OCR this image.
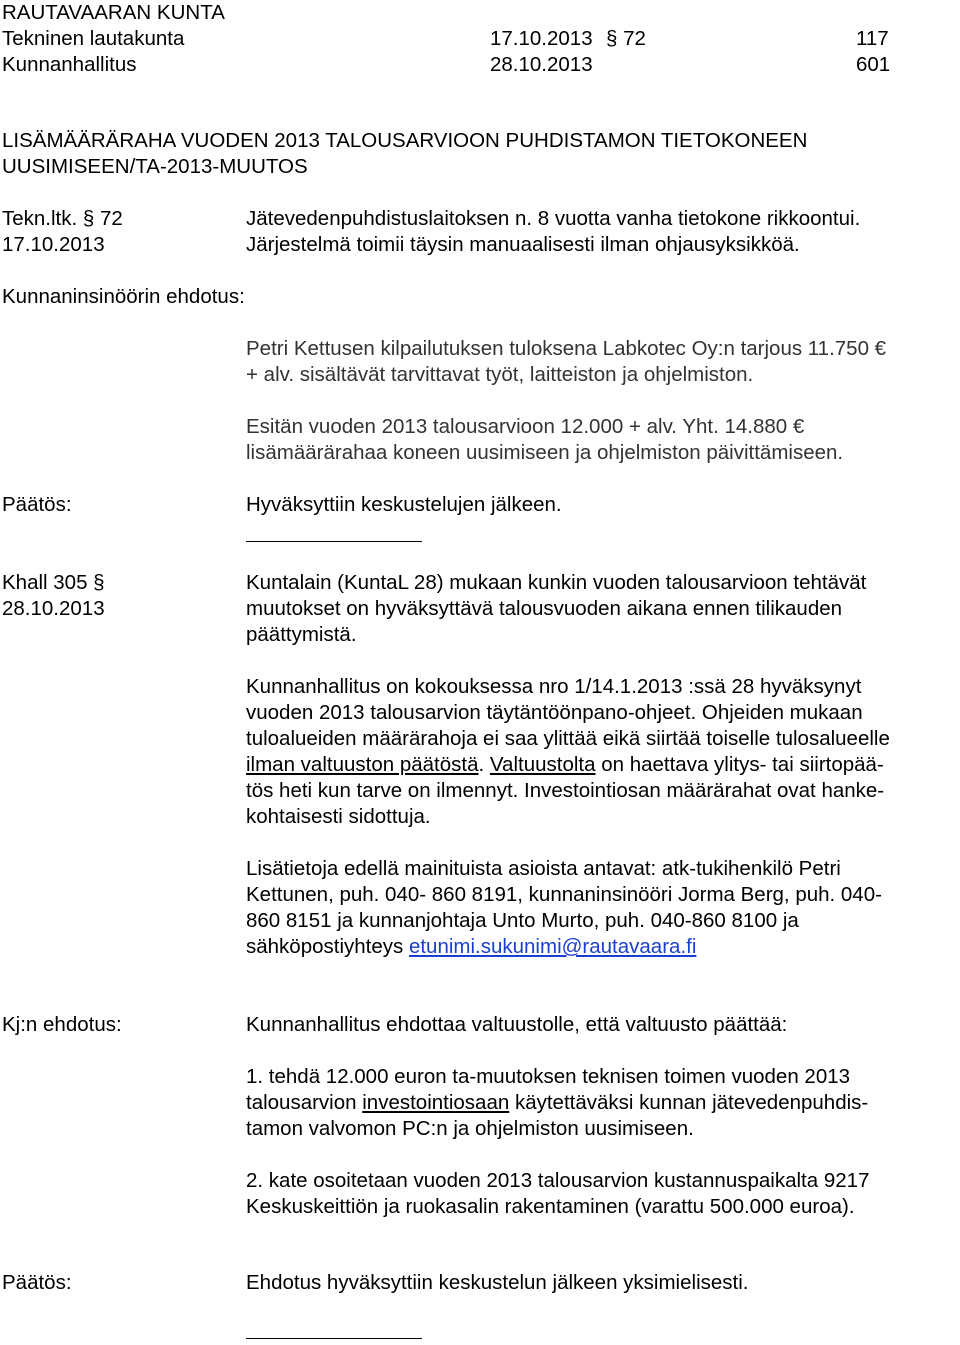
RAUTAVAARAN KUNTA
Tekninen lautakunta	17.10.2013 § 72	117
Kunnanhallitus	28.10.2013	601
LISÄMÄÄRÄRAHA VUODEN 2013 TALOUSARVIOON PUHDISTAMON TIETOKONEEN
UUSIMISEEN/TA-2013-MUUTOS
Tekn.ltk. § 72	Jätevedenpuhdistuslaitoksen n. 8 vuotta vanha tietokone rikkoontui.
17.10.2013	Järjestelmä toimii täysin manuaalisesti ilman ohjausyksikköä.
Kunnaninsinöörin ehdotus:
Petri Kettusen kilpailutuksen tuloksena Labkotec Oy:n tarjous 11.750 €
+ alv. sisältävät tarvittavat työt, laitteiston ja ohjelmiston.
Esitän vuoden 2013 talousarvioon 12.000 + alv. Yht. 14.880 €
lisämäärärahaa koneen uusimiseen ja ohjelmiston päivittämiseen.
Päätös:	Hyväksyttiin keskustelujen jälkeen.
Khall 305 §
28.10.2013
Kuntalain (KuntaL 28) mukaan kunkin vuoden talousarvioon tehtävät
muutokset on hyväksyttävä talousvuoden aikana ennen tilikauden
päättymistä.
Kunnanhallitus on kokouksessa nro 1/14.1.2013 :ssä 28 hyväksynyt
vuoden 2013 talousarvion täytäntöönpano-ohjeet. Ohjeiden mukaan
tuloalueiden määrärahoja ei saa ylittää eikä siirtää toiselle tulosalueelle
ilman valtuuston päätöstä. Valtuustolta on haettava ylitys- tai siirtopää-
tös heti kun tarve on ilmennyt. Investointiosan määrärahat ovat hanke-
kohtaisesti sidottuja.
Lisätietoja edellä mainituista asioista antavat: atk-tukihenkilö Petri
Kettunen, puh. 040- 860 8191, kunnaninsinööri Jorma Berg, puh. 040-
860 8151 ja kunnanjohtaja Unto Murto, puh. 040-860 8100 ja
sähköpostiyhteys etunimi.sukunimi@rautavaara.fi
Kj:n ehdotus:	Kunnanhallitus ehdottaa valtuustolle, että valtuusto päättää:
1. tehdä 12.000 euron ta-muutoksen teknisen toimen vuoden 2013
talousarvion investointiosaan käytettäväksi kunnan jätevedenpuhdis-
tamon valvomon PC:n ja ohjelmiston uusimiseen.
2. kate osoitetaan vuoden 2013 talousarvion kustannuspaikalta 9217
Keskuskeittiön ja ruokasalin rakentaminen (varattu 500.000 euroa).
Päätös:	Ehdotus hyväksyttiin keskustelun jälkeen yksimielisesti.
